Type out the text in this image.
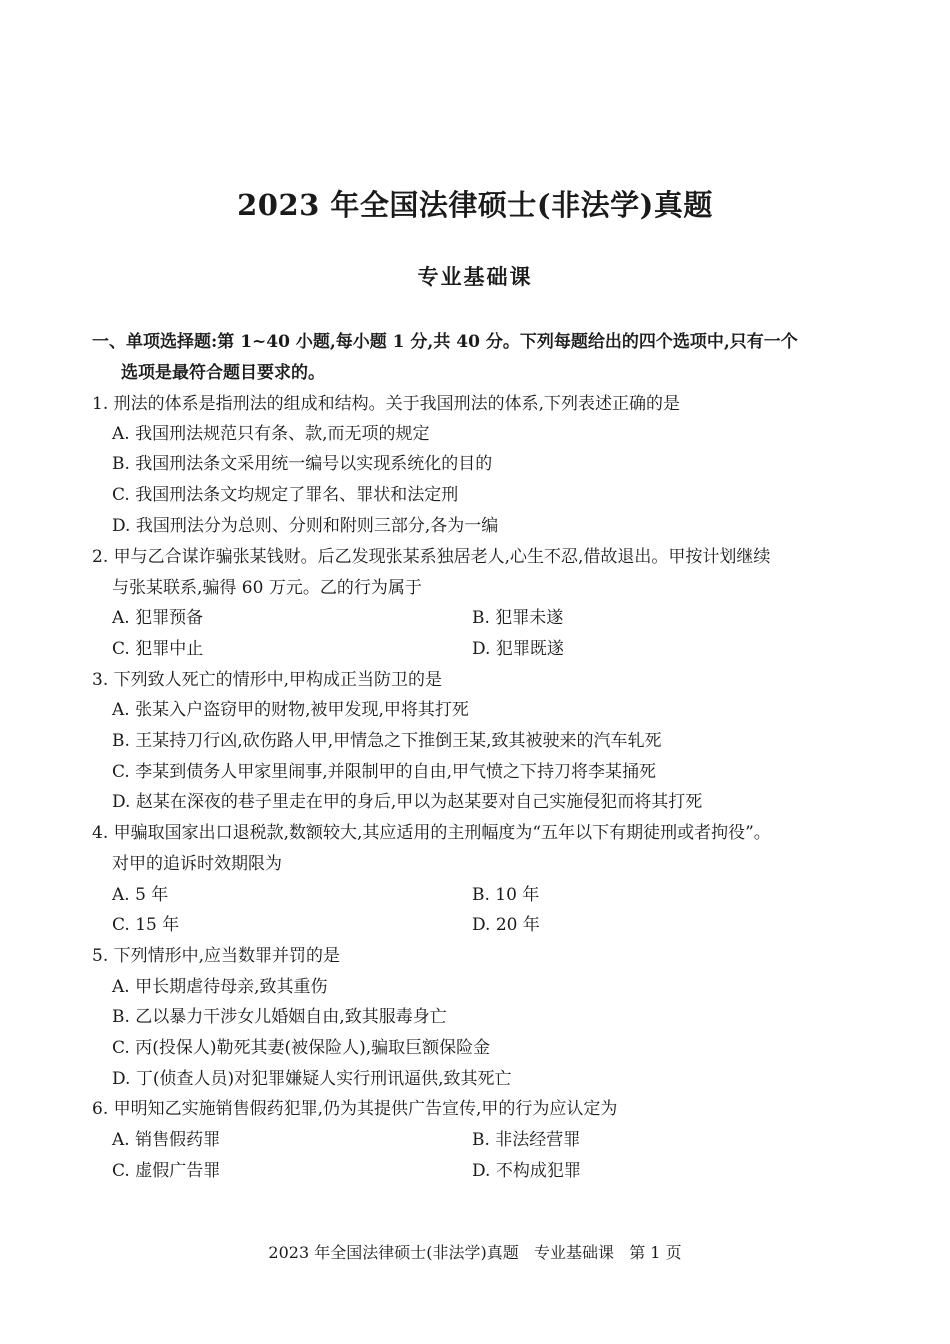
2023 年全国法律硕士(非法学)真题
专业基础课
一、单项选择题:第 1~40 小题,每小题 1 分,共 40 分。下列每题给出的四个选项中,只有一个
选项是最符合题目要求的。
1. 刑法的体系是指刑法的组成和结构。关于我国刑法的体系,下列表述正确的是
A. 我国刑法规范只有条、款,而无项的规定
B. 我国刑法条文采用统一编号以实现系统化的目的
C. 我国刑法条文均规定了罪名、罪状和法定刑
D. 我国刑法分为总则、分则和附则三部分,各为一编
2. 甲与乙合谋诈骗张某钱财。后乙发现张某系独居老人,心生不忍,借故退出。甲按计划继续
与张某联系,骗得 60 万元。乙的行为属于
A. 犯罪预备	B. 犯罪未遂
C. 犯罪中止	D. 犯罪既遂
3. 下列致人死亡的情形中,甲构成正当防卫的是
A. 张某入户盗窃甲的财物,被甲发现,甲将其打死
B. 王某持刀行凶,砍伤路人甲,甲情急之下推倒王某,致其被驶来的汽车轧死
C. 李某到债务人甲家里闹事,并限制甲的自由,甲气愤之下持刀将李某捅死
D. 赵某在深夜的巷子里走在甲的身后,甲以为赵某要对自己实施侵犯而将其打死
4. 甲骗取国家出口退税款,数额较大,其应适用的主刑幅度为“五年以下有期徒刑或者拘役”。
对甲的追诉时效期限为
A. 5 年	B. 10 年
C. 15 年	D. 20 年
5. 下列情形中,应当数罪并罚的是
A. 甲长期虐待母亲,致其重伤
B. 乙以暴力干涉女儿婚姻自由,致其服毒身亡
C. 丙(投保人)勒死其妻(被保险人),骗取巨额保险金
D. 丁(侦查人员)对犯罪嫌疑人实行刑讯逼供,致其死亡
6. 甲明知乙实施销售假药犯罪,仍为其提供广告宣传,甲的行为应认定为
A. 销售假药罪	B. 非法经营罪
C. 虚假广告罪	D. 不构成犯罪
2023 年全国法律硕士(非法学)真题   专业基础课   第 1 页
